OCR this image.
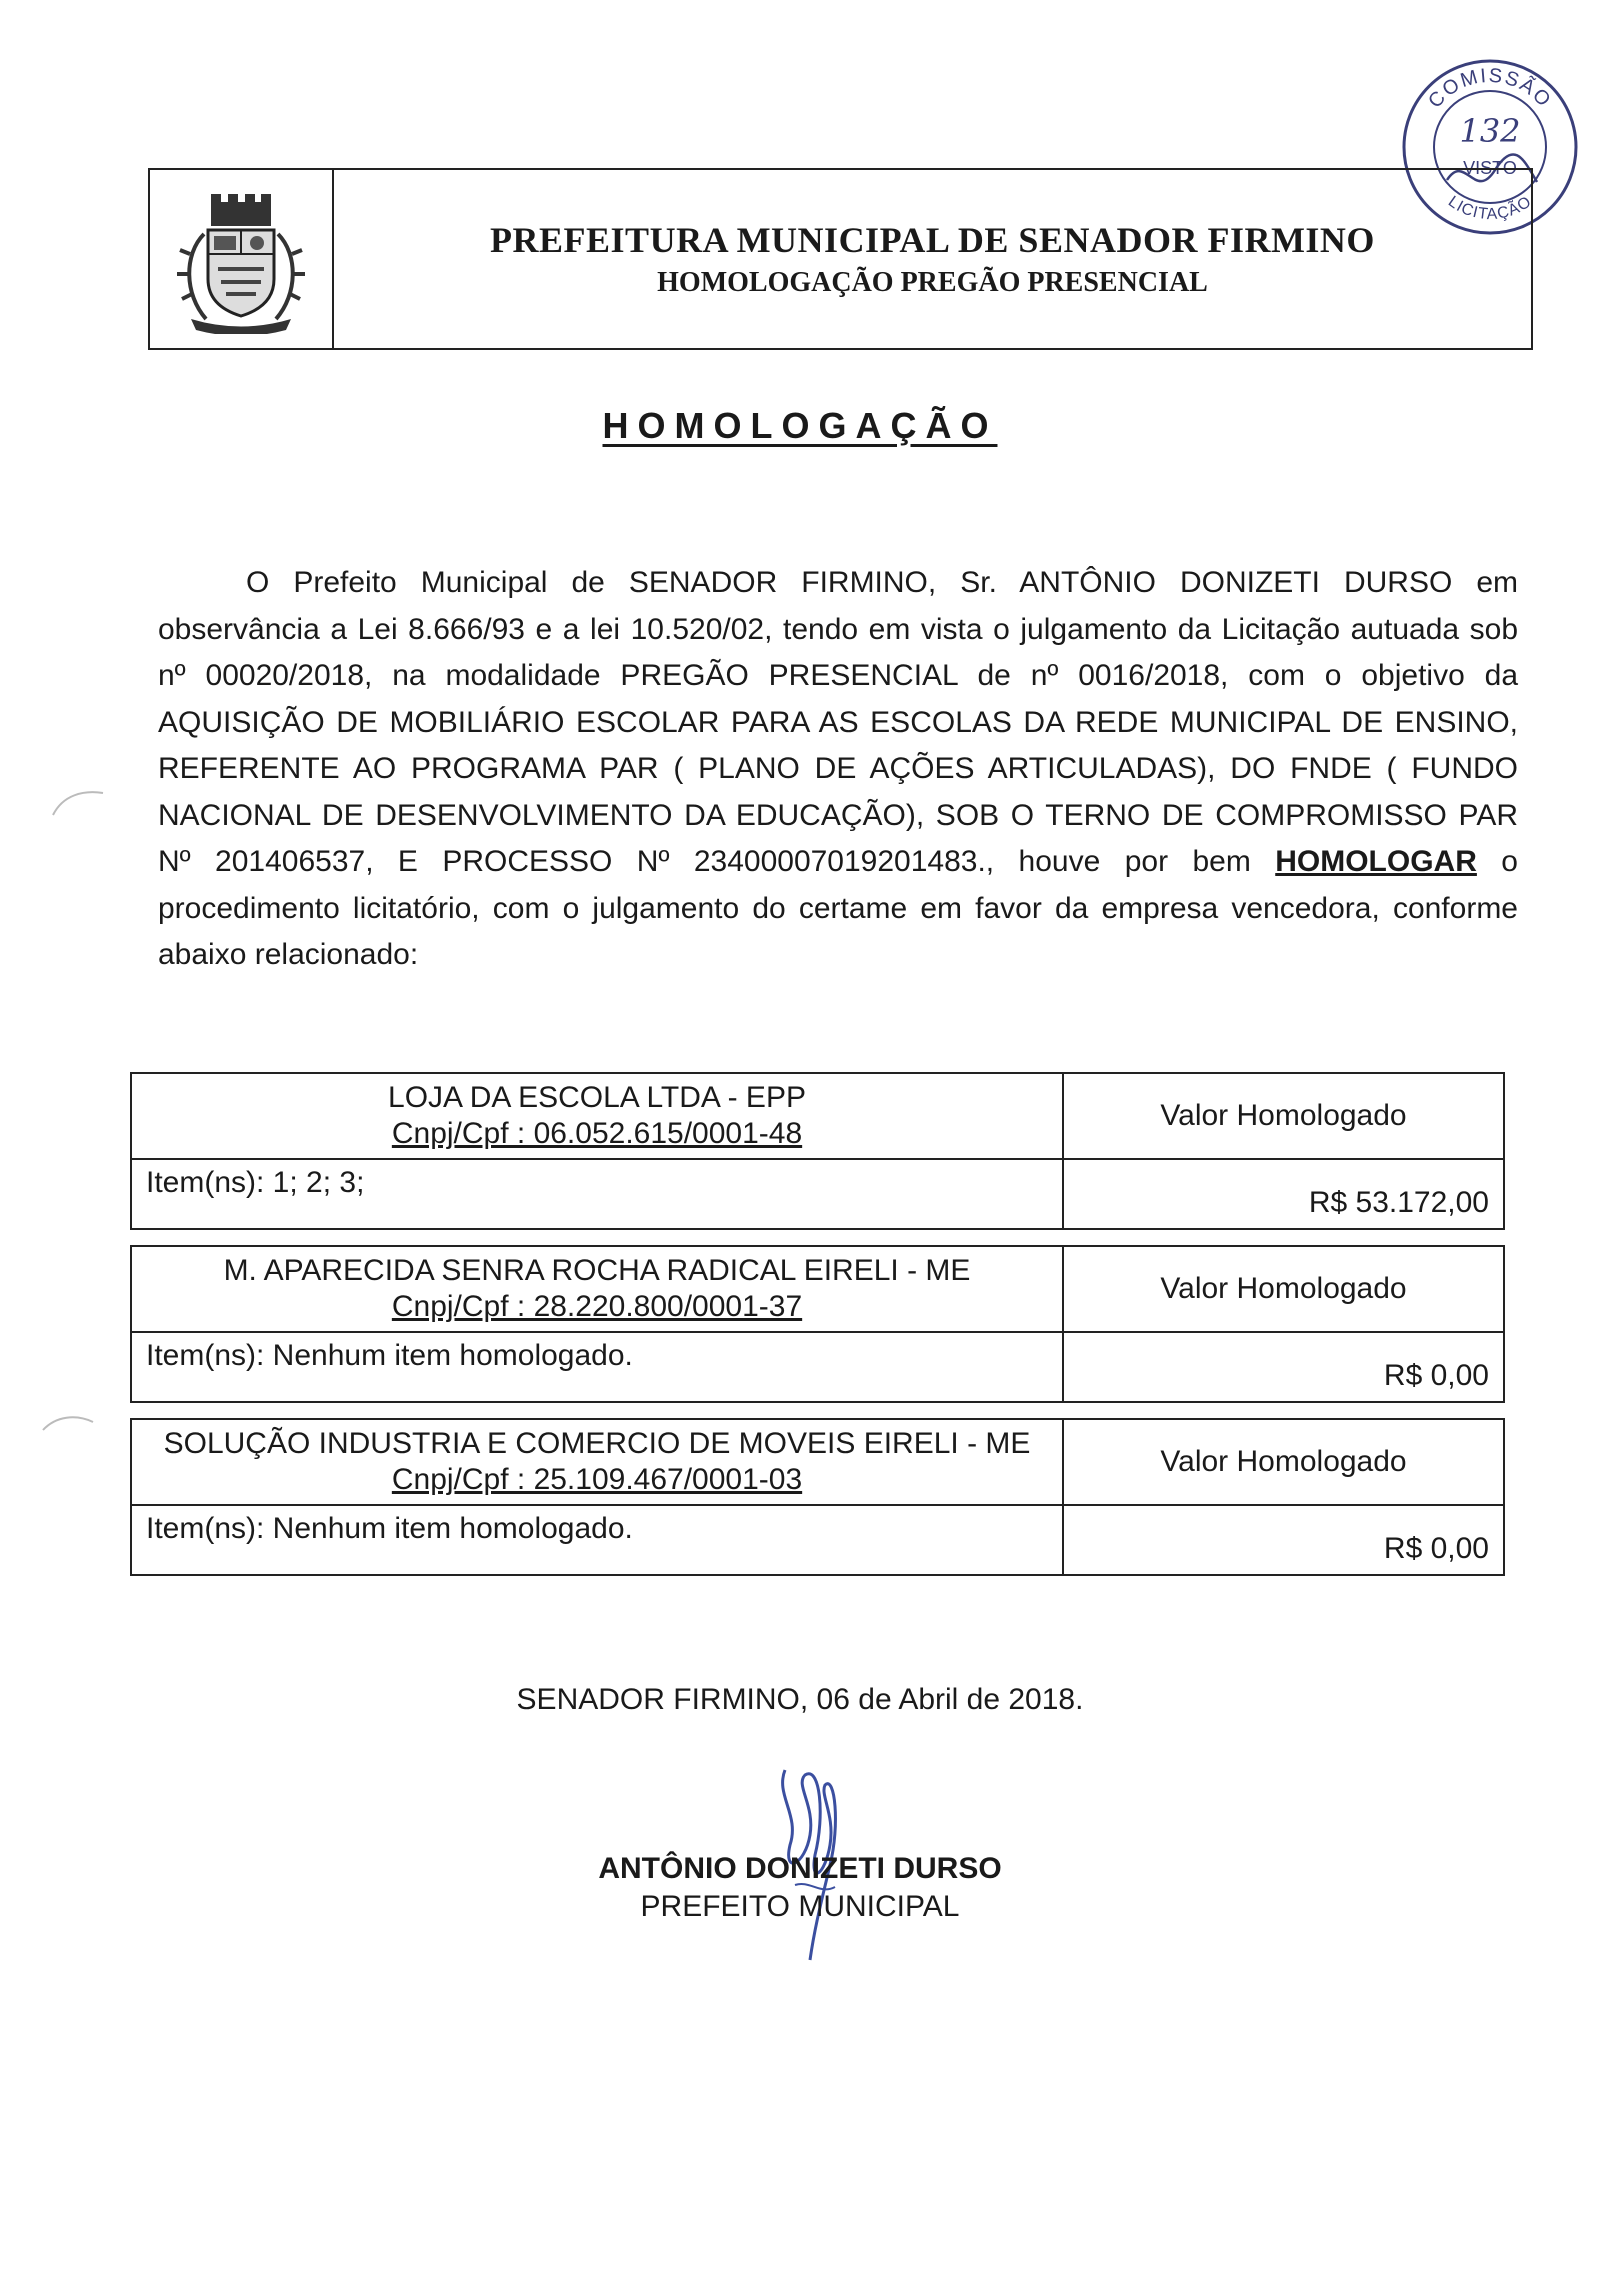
COMISSÃO
LICITAÇÃO
132
VISTO
PREFEITURA MUNICIPAL DE SENADOR FIRMINO
HOMOLOGAÇÃO PREGÃO PRESENCIAL
HOMOLOGAÇÃO
O Prefeito Municipal de SENADOR FIRMINO, Sr. ANTÔNIO DONIZETI DURSO em observância a Lei 8.666/93 e a lei 10.520/02, tendo em vista o julgamento da Licitação autuada sob nº 00020/2018, na modalidade PREGÃO PRESENCIAL de nº 0016/2018, com o objetivo da AQUISIÇÃO DE MOBILIÁRIO ESCOLAR PARA AS ESCOLAS DA REDE MUNICIPAL DE ENSINO, REFERENTE AO PROGRAMA PAR ( PLANO DE AÇÕES ARTICULADAS), DO FNDE ( FUNDO NACIONAL DE DESENVOLVIMENTO DA EDUCAÇÃO), SOB O TERNO DE COMPROMISSO PAR Nº 201406537, E PROCESSO Nº 23400007019201483., houve por bem HOMOLOGAR o procedimento licitatório, com o julgamento do certame em favor da empresa vencedora, conforme abaixo relacionado:
LOJA DA ESCOLA LTDA - EPP
Cnpj/Cpf : 06.052.615/0001-48
Valor Homologado
Item(ns): 1; 2; 3;
R$ 53.172,00
M. APARECIDA SENRA ROCHA RADICAL EIRELI - ME
Cnpj/Cpf : 28.220.800/0001-37
Valor Homologado
Item(ns): Nenhum item homologado.
R$ 0,00
SOLUÇÃO INDUSTRIA E COMERCIO DE MOVEIS EIRELI - ME
Cnpj/Cpf : 25.109.467/0001-03
Valor Homologado
Item(ns): Nenhum item homologado.
R$ 0,00
SENADOR FIRMINO, 06 de Abril de 2018.
ANTÔNIO DONIZETI DURSO
PREFEITO MUNICIPAL
